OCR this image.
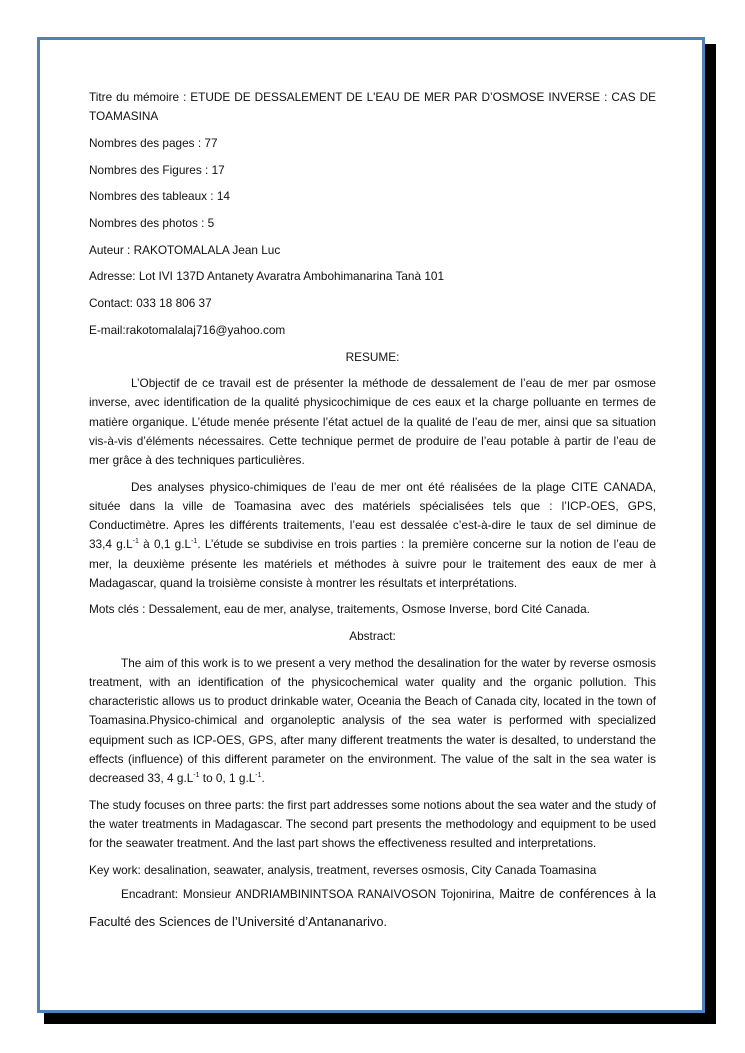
Titre du mémoire : ETUDE DE DESSALEMENT DE L'EAU DE MER PAR D’OSMOSE INVERSE : CAS DE TOAMASINA

Nombres des pages : 77

Nombres des Figures : 17

Nombres des tableaux : 14

Nombres des photos : 5

Auteur : RAKOTOMALALA Jean Luc

Adresse: Lot IVI 137D Antanety Avaratra Ambohimanarina Tanà 101

Contact: 033 18 806 37

E-mail:rakotomalalaj716@yahoo.com

RESUME:

L’Objectif de ce travail est de présenter la méthode de dessalement de l’eau de mer par osmose inverse, avec identification de la qualité physicochimique de ces eaux et la charge polluante en termes de matière organique. L’étude menée présente l’état actuel de la qualité de l’eau de mer, ainsi que sa situation vis-à-vis d’éléments nécessaires. Cette technique permet de produire de l’eau potable à partir de l’eau de mer grâce à des techniques particulières.

Des analyses physico-chimiques de l’eau de mer ont été réalisées de la plage CITE CANADA, située dans la ville de Toamasina avec des matériels spécialisées tels que : l’ICP-OES, GPS, Conductimètre. Apres les différents traitements, l’eau est dessalée c’est-à-dire le taux de sel diminue de 33,4 $g.L^{-1}$ à 0,1 $g.L^{-1}$. L’étude se subdivise en trois parties : la première concerne sur la notion de l’eau de mer, la deuxième présente les matériels et méthodes à suivre pour le traitement des eaux de mer à Madagascar, quand la troisième consiste à montrer les résultats et interprétations.

Mots clés : Dessalement, eau de mer, analyse, traitements, Osmose Inverse, bord Cité Canada.

Abstract:

The aim of this work is to we present a very method the desalination for the water by reverse osmosis treatment, with an identification of the physicochemical water quality and the organic pollution. This characteristic allows us to product drinkable water, Oceania the Beach of Canada city, located in the town of Toamasina.Physico-chimical and organoleptic analysis of the sea water is performed with specialized equipment such as ICP-OES, GPS, after many different treatments the water is desalted, to understand the effects (influence) of this different parameter on the environment. The value of the salt in the sea water is decreased 33, 4 $g.L^{-1}$ to 0, 1 $g.L^{-1}$.

The study focuses on three parts: the first part addresses some notions about the sea water and the study of the water treatments in Madagascar. The second part presents the methodology and equipment to be used for the seawater treatment. And the last part shows the effectiveness resulted and interpretations.

Key work: desalination, seawater, analysis, treatment, reverses osmosis, City Canada Toamasina

Encadrant: Monsieur ANDRIAMBININTSOA RANAIVOSON Tojonirina, Maitre de conférences à la Faculté des Sciences de l’Université d’Antananarivo.
